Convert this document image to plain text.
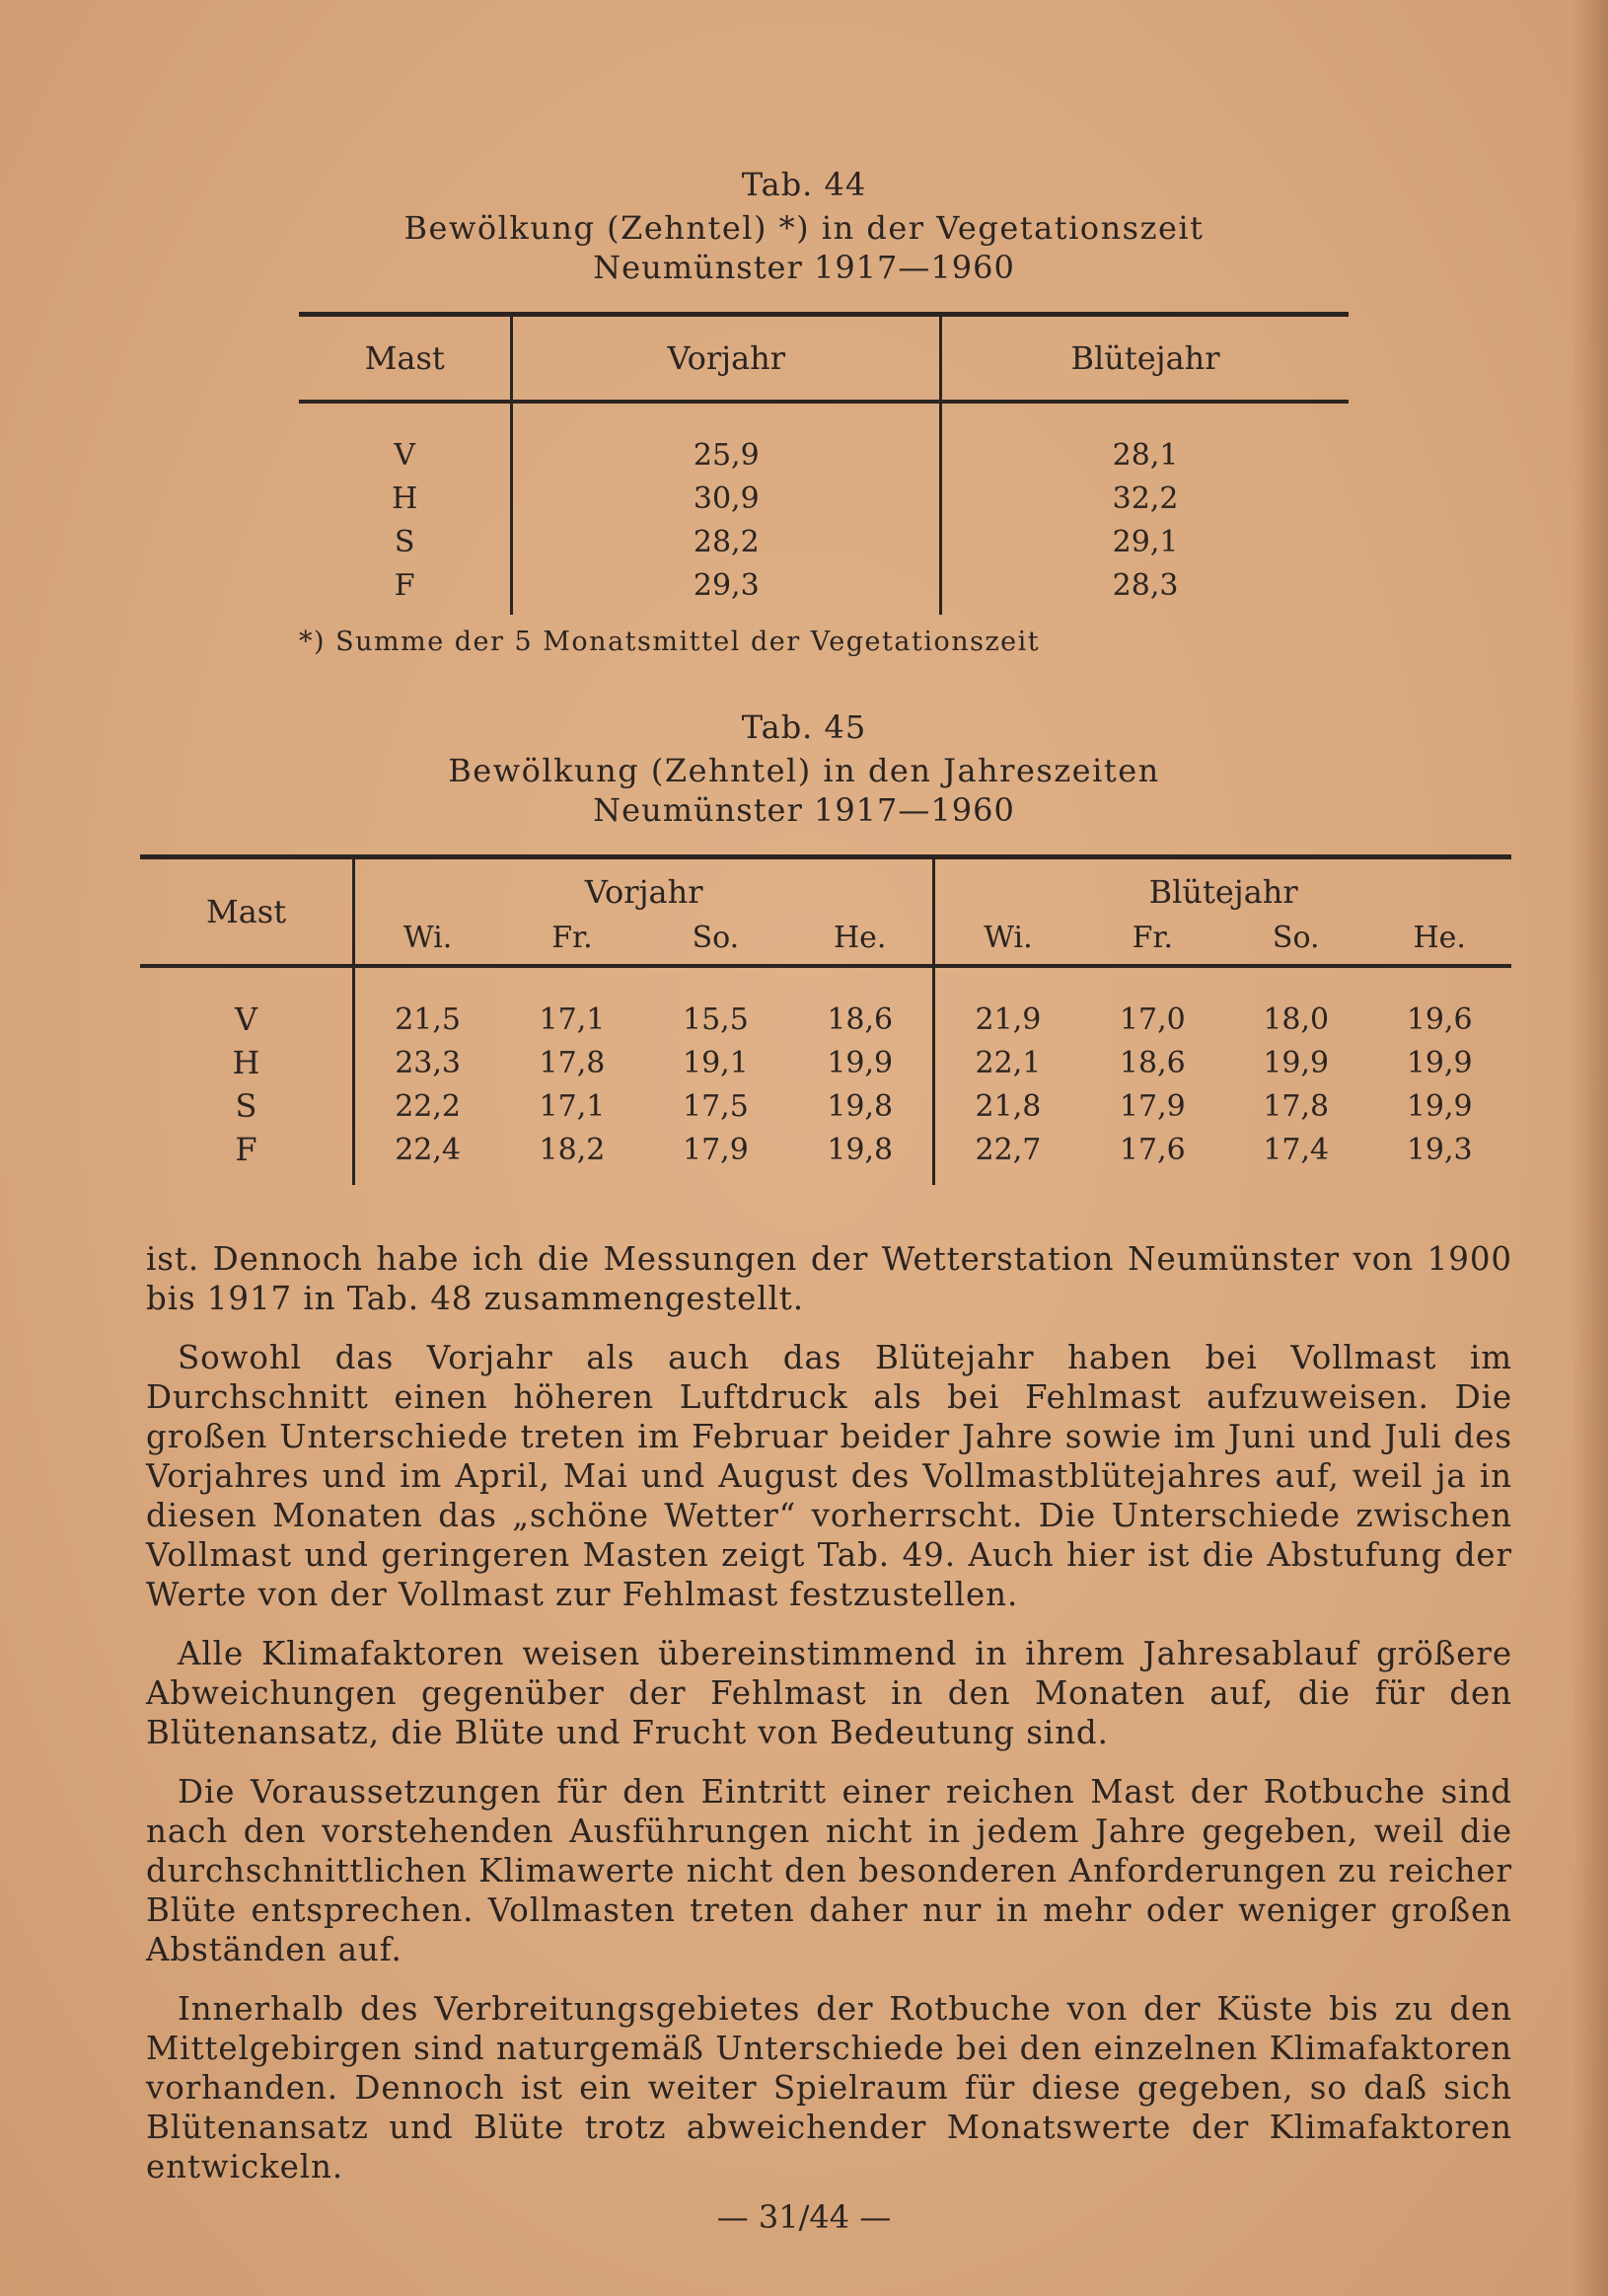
Tab. 44
Bewölkung (Zehntel) *) in der Vegetationszeit
Neumünster 1917—1960

Mast	Vorjahr	Blütejahr
V	25,9	28,1
H	30,9	32,2
S	28,2	29,1
F	29,3	28,3
*) Summe der 5 Monatsmittel der Vegetationszeit
Tab. 45
Bewölkung (Zehntel) in den Jahreszeiten
Neumünster 1917—1960

Mast	Vorjahr				Blütejahr			
	Wi.	Fr.	So.	He.	Wi.	Fr.	So.	He.
V	21,5	17,1	15,5	18,6	21,9	17,0	18,0	19,6
H	23,3	17,8	19,1	19,9	22,1	18,6	19,9	19,9
S	22,2	17,1	17,5	19,8	21,8	17,9	17,8	19,9
F	22,4	18,2	17,9	19,8	22,7	17,6	17,4	19,3

ist. Dennoch habe ich die Messungen der Wetterstation Neumünster von 1900 bis 1917 in Tab. 48 zusammengestellt.

Sowohl das Vorjahr als auch das Blütejahr haben bei Vollmast im Durchschnitt einen höheren Luftdruck als bei Fehlmast aufzuweisen. Die großen Unterschiede treten im Februar beider Jahre sowie im Juni und Juli des Vorjahres und im April, Mai und August des Vollmastblütejahres auf, weil ja in diesen Monaten das „schöne Wetter“ vorherrscht. Die Unterschiede zwischen Vollmast und geringeren Masten zeigt Tab. 49. Auch hier ist die Abstufung der Werte von der Vollmast zur Fehlmast festzustellen.

Alle Klimafaktoren weisen übereinstimmend in ihrem Jahresablauf größere Abweichungen gegenüber der Fehlmast in den Monaten auf, die für den Blütenansatz, die Blüte und Frucht von Bedeutung sind.

Die Voraussetzungen für den Eintritt einer reichen Mast der Rotbuche sind nach den vorstehenden Ausführungen nicht in jedem Jahre gegeben, weil die durchschnittlichen Klimawerte nicht den besonderen Anforderungen zu reicher Blüte entsprechen. Vollmasten treten daher nur in mehr oder weniger großen Abständen auf.

Innerhalb des Verbreitungsgebietes der Rotbuche von der Küste bis zu den Mittelgebirgen sind naturgemäß Unterschiede bei den einzelnen Klimafaktoren vorhanden. Dennoch ist ein weiter Spielraum für diese gegeben, so daß sich Blütenansatz und Blüte trotz abweichender Monatswerte der Klimafaktoren entwickeln.

— 31/44 —
